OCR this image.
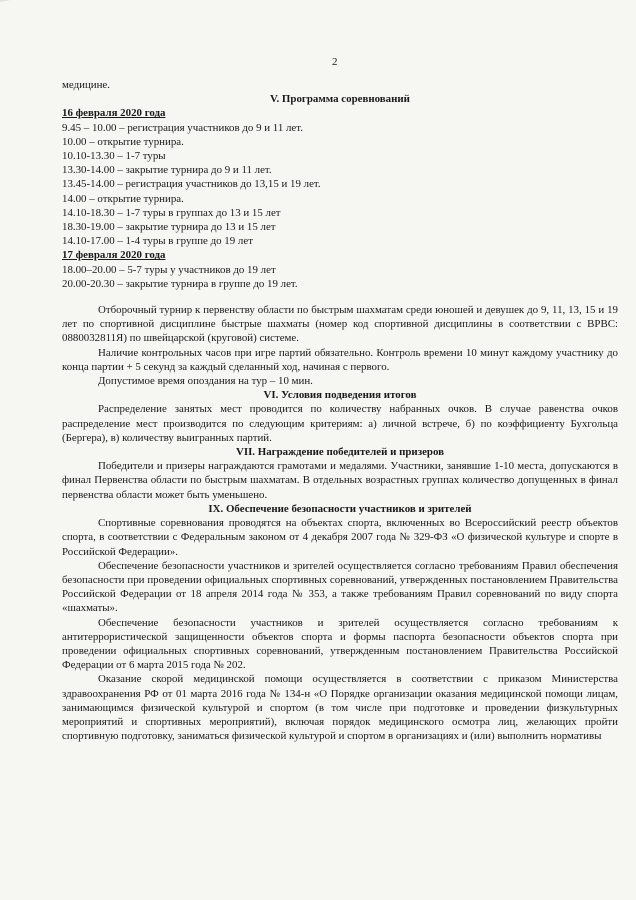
2

медицине.

V. Программа соревнований

16 февраля 2020 года

9.45 – 10.00 – регистрация участников до 9 и 11 лет.

10.00 – открытие турнира.

10.10-13.30 – 1-7 туры

13.30-14.00 – закрытие турнира до 9 и 11 лет.

13.45-14.00 – регистрация участников до 13,15 и 19 лет.

14.00 – открытие турнира.

14.10-18.30 – 1-7 туры в группах до 13 и 15 лет

18.30-19.00 – закрытие турнира до 13 и 15 лет

14.10-17.00 – 1-4 туры в группе до 19 лет

17 февраля 2020 года

18.00–20.00 – 5-7 туры у участников до 19 лет

20.00-20.30 – закрытие турнира в группе до 19 лет.

Отборочный турнир к первенству области по быстрым шахматам среди юношей и девушек до 9, 11, 13, 15 и 19 лет по спортивной дисциплине быстрые шахматы (номер код спортивной дисциплины в соответствии с ВРВС: 0880032811Я) по швейцарской (круговой) системе.

Наличие контрольных часов при игре партий обязательно. Контроль времени 10 минут каждому участнику до конца партии + 5 секунд за каждый сделанный ход, начиная с первого.

Допустимое время опоздания на тур – 10 мин.

VI. Условия подведения итогов

Распределение занятых мест проводится по количеству набранных очков. В случае равенства очков распределение мест производится по следующим критериям: а) личной встрече, б) по коэффициенту Бухгольца (Бергера), в) количеству выигранных партий.

VII. Награждение победителей и призеров

Победители и призеры награждаются грамотами и медалями. Участники, занявшие 1-10 места, допускаются в финал Первенства области по быстрым шахматам. В отдельных возрастных группах количество допущенных в финал первенства области может быть уменьшено.

IX. Обеспечение безопасности участников и зрителей

Спортивные соревнования проводятся на объектах спорта, включенных во Всероссийский реестр объектов спорта, в соответствии с Федеральным законом от 4 декабря 2007 года № 329-ФЗ «О физической культуре и спорте в Российской Федерации».

Обеспечение безопасности участников и зрителей осуществляется согласно требованиям Правил обеспечения безопасности при проведении официальных спортивных соревнований, утвержденных постановлением Правительства Российской Федерации от 18 апреля 2014 года № 353, а также требованиям Правил соревнований по виду спорта «шахматы».

Обеспечение безопасности участников и зрителей осуществляется согласно требованиям к антитеррористической защищенности объектов спорта и формы паспорта безопасности объектов спорта при проведении официальных спортивных соревнований, утвержденным постановлением Правительства Российской Федерации от 6 марта 2015 года № 202.

Оказание скорой медицинской помощи осуществляется в соответствии с приказом Министерства здравоохранения РФ от 01 марта 2016 года № 134-н «О Порядке организации оказания медицинской помощи лицам, занимающимся физической культурой и спортом (в том числе при подготовке и проведении физкультурных мероприятий и спортивных мероприятий), включая порядок медицинского осмотра лиц, желающих пройти спортивную подготовку, заниматься физической культурой и спортом в организациях и (или) выполнить нормативы
